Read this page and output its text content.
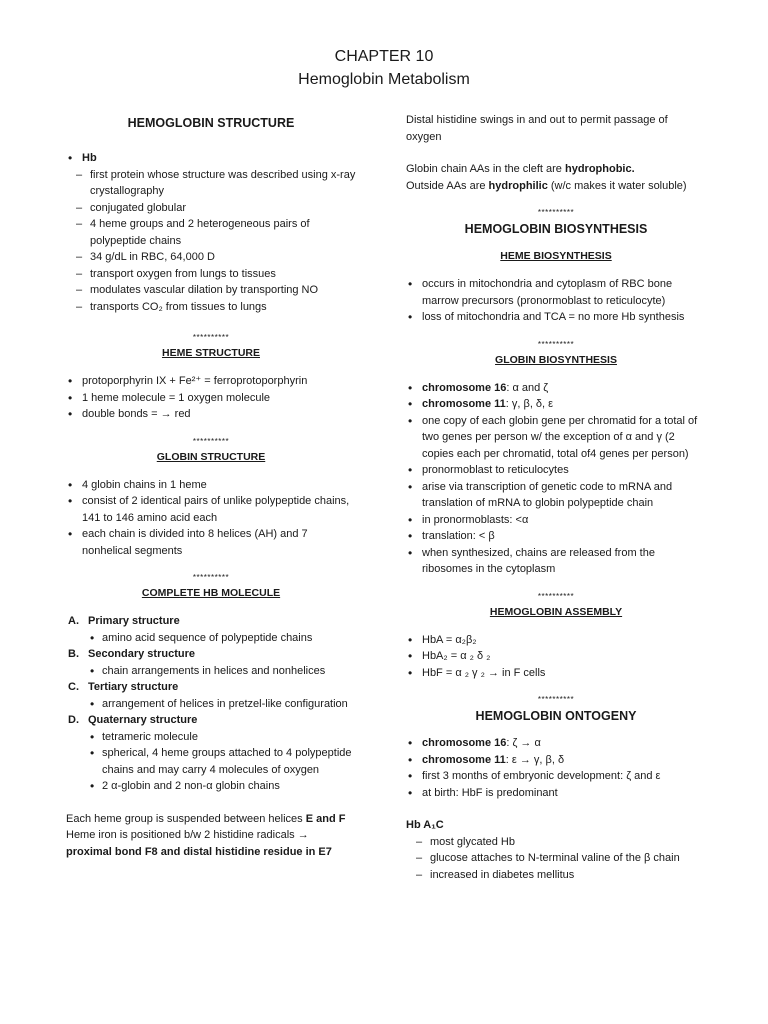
CHAPTER 10
Hemoglobin Metabolism
HEMOGLOBIN STRUCTURE
• Hb
– first protein whose structure was described using x-ray crystallography
– conjugated globular
– 4 heme groups and 2 heterogeneous pairs of polypeptide chains
– 34 g/dL in RBC, 64,000 D
– transport oxygen from lungs to tissues
– modulates vascular dilation by transporting NO
– transports CO₂ from tissues to lungs
**********
HEME STRUCTURE
• protoporphyrin IX + Fe²⁺ = ferroprotoporphyrin
• 1 heme molecule = 1 oxygen molecule
• double bonds = → red
**********
GLOBIN STRUCTURE
• 4 globin chains in 1 heme
• consist of 2 identical pairs of unlike polypeptide chains, 141 to 146 amino acid each
• each chain is divided into 8 helices (AH) and 7 nonhelical segments
**********
COMPLETE HB MOLECULE
A. Primary structure
• amino acid sequence of polypeptide chains
B. Secondary structure
• chain arrangements in helices and nonhelices
C. Tertiary structure
• arrangement of helices in pretzel-like configuration
D. Quaternary structure
• tetrameric molecule
• spherical, 4 heme groups attached to 4 polypeptide chains and may carry 4 molecules of oxygen
• 2 α-globin and 2 non-α globin chains

Each heme group is suspended between helices E and F

Heme iron is positioned b/w 2 histidine radicals → proximal bond F8 and distal histidine residue in E7

Distal histidine swings in and out to permit passage of oxygen

Globin chain AAs in the cleft are hydrophobic.

Outside AAs are hydrophilic (w/c makes it water soluble)

**********
HEMOGLOBIN BIOSYNTHESIS
HEME BIOSYNTHESIS
• occurs in mitochondria and cytoplasm of RBC bone marrow precursors (pronormoblast to reticulocyte)
• loss of mitochondria and TCA = no more Hb synthesis
**********
GLOBIN BIOSYNTHESIS
• chromosome 16: α and ζ
• chromosome 11: γ, β, δ, ε
• one copy of each globin gene per chromatid for a total of two genes per person w/ the exception of α and γ (2 copies each per chromatid, total of4 genes per person)
• pronormoblast to reticulocytes
• arise via transcription of genetic code to mRNA and translation of mRNA to globin polypeptide chain
• in pronormoblasts: <α
• translation: < β
• when synthesized, chains are released from the ribosomes in the cytoplasm
**********
HEMOGLOBIN ASSEMBLY
• HbA = α₂β₂
• HbA₂ = α ₂ δ ₂
• HbF = α ₂ γ ₂ → in F cells
**********
HEMOGLOBIN ONTOGENY
• chromosome 16: ζ → α
• chromosome 11: ε → γ, β, δ
• first 3 months of embryonic development: ζ and ε
• at birth: HbF is predominant

Hb A₁C

– most glycated Hb
– glucose attaches to N-terminal valine of the β chain
– increased in diabetes mellitus
